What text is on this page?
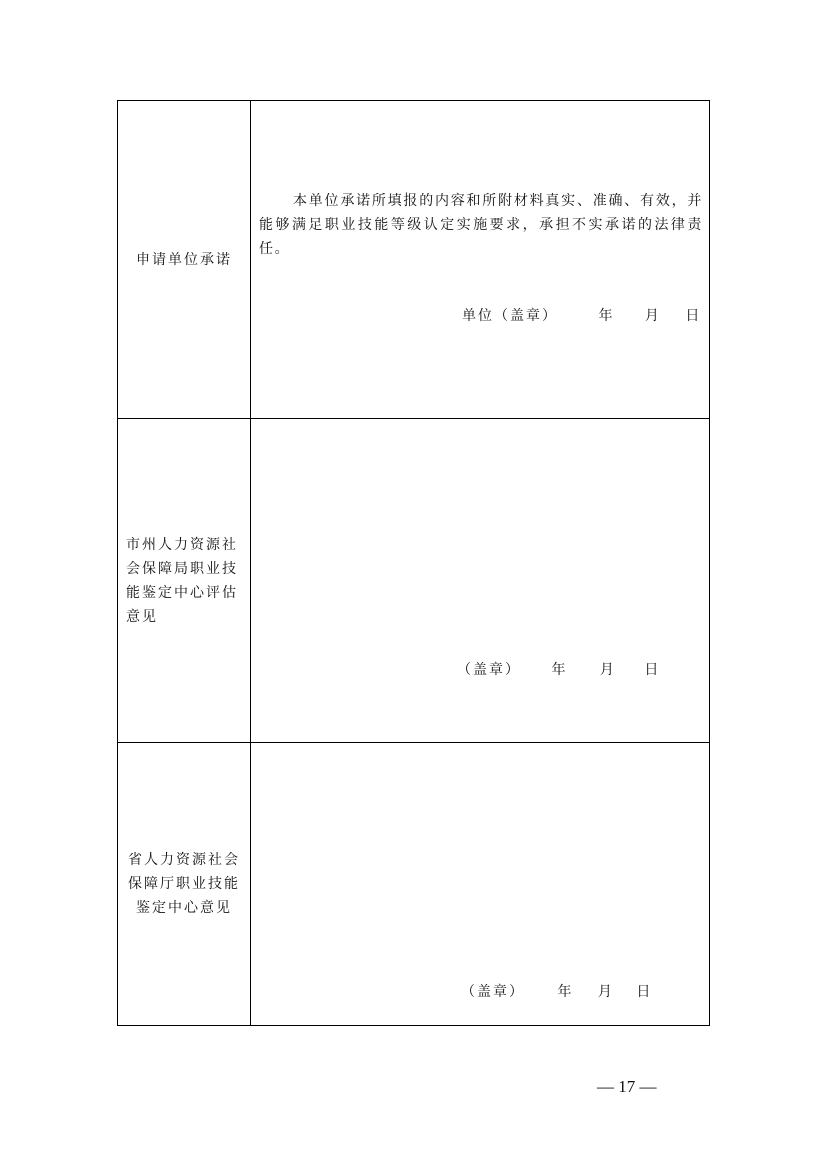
申请单位承诺	本单位承诺所填报的内容和所附材料真实、准确、有效，并能够满足职业技能等级认定实施要求，承担不实承诺的法律责任。

单位（盖章） 年 月 日

市州人力资源社会保障局职业技能鉴定中心评估意见	（盖章） 年 月 日

省人力资源社会保障厅职业技能鉴定中心意见	（盖章） 年 月 日
— 17 —
